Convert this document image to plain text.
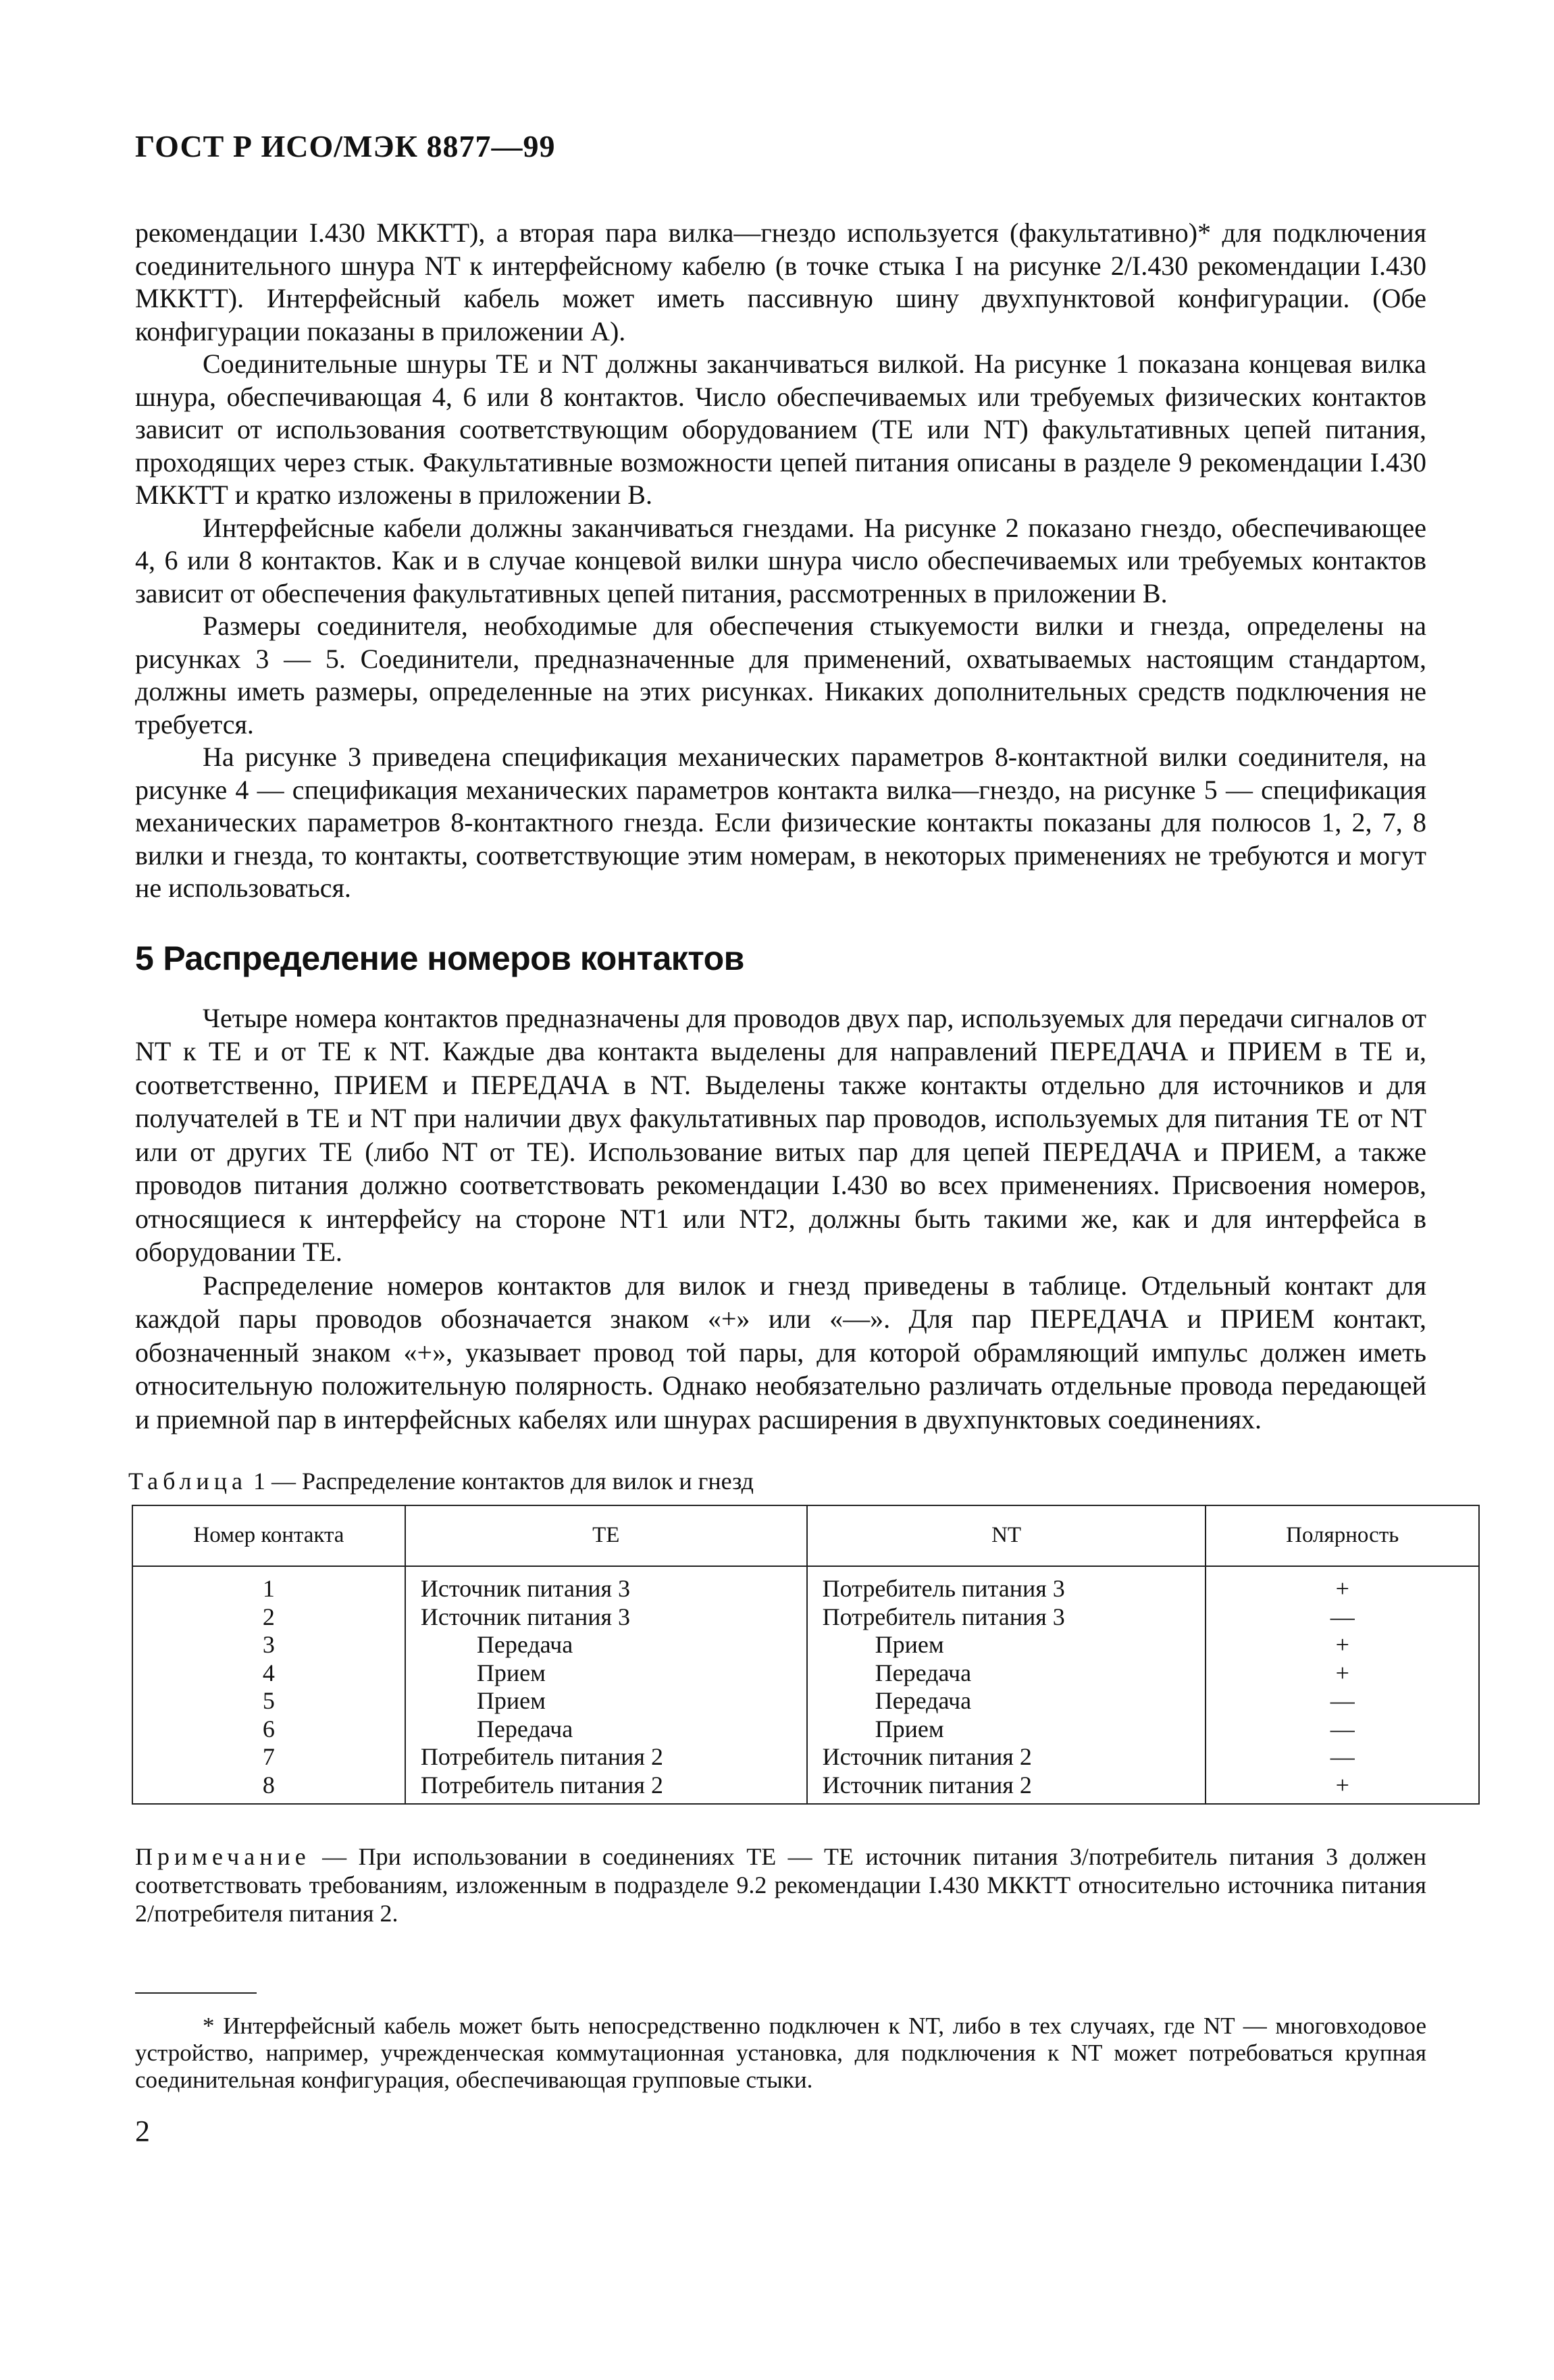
ГОСТ Р ИСО/МЭК 8877—99

рекомендации I.430 МККТТ), а вторая пара вилка—гнездо используется (факультативно)* для подключения соединительного шнура NT к интерфейсному кабелю (в точке стыка I на рисунке 2/I.430 рекомендации I.430 МККТТ). Интерфейсный кабель может иметь пассивную шину двухпунктовой конфигурации. (Обе конфигурации показаны в приложении А).

Соединительные шнуры ТЕ и NT должны заканчиваться вилкой. На рисунке 1 показана концевая вилка шнура, обеспечивающая 4, 6 или 8 контактов. Число обеспечиваемых или требуемых физических контактов зависит от использования соответствующим оборудованием (ТЕ или NT) факультативных цепей питания, проходящих через стык. Факультативные возможности цепей питания описаны в разделе 9 рекомендации I.430 МККТТ и кратко изложены в приложении В.

Интерфейсные кабели должны заканчиваться гнездами. На рисунке 2 показано гнездо, обеспечивающее 4, 6 или 8 контактов. Как и в случае концевой вилки шнура число обеспечиваемых или требуемых контактов зависит от обеспечения факультативных цепей питания, рассмотренных в приложении В.

Размеры соединителя, необходимые для обеспечения стыкуемости вилки и гнезда, определены на рисунках 3 — 5. Соединители, предназначенные для применений, охватываемых настоящим стандартом, должны иметь размеры, определенные на этих рисунках. Никаких дополнительных средств подключения не требуется.

На рисунке 3 приведена спецификация механических параметров 8-контактной вилки соединителя, на рисунке 4 — спецификация механических параметров контакта вилка—гнездо, на рисунке 5 — спецификация механических параметров 8-контактного гнезда. Если физические контакты показаны для полюсов 1, 2, 7, 8 вилки и гнезда, то контакты, соответствующие этим номерам, в некоторых применениях не требуются и могут не использоваться.

5 Распределение номеров контактов

Четыре номера контактов предназначены для проводов двух пар, используемых для передачи сигналов от NT к ТЕ и от ТЕ к NT. Каждые два контакта выделены для направлений ПЕРЕДАЧА и ПРИЕМ в ТЕ и, соответственно, ПРИЕМ и ПЕРЕДАЧА в NT. Выделены также контакты отдельно для источников и для получателей в ТЕ и NT при наличии двух факультативных пар проводов, используемых для питания ТЕ от NT или от других ТЕ (либо NT от ТЕ). Использование витых пар для цепей ПЕРЕДАЧА и ПРИЕМ, а также проводов питания должно соответствовать рекомендации I.430 во всех применениях. Присвоения номеров, относящиеся к интерфейсу на стороне NT1 или NT2, должны быть такими же, как и для интерфейса в оборудовании ТЕ.

Распределение номеров контактов для вилок и гнезд приведены в таблице. Отдельный контакт для каждой пары проводов обозначается знаком «+» или «—». Для пар ПЕРЕДАЧА и ПРИЕМ контакт, обозначенный знаком «+», указывает провод той пары, для которой обрамляющий импульс должен иметь относительную положительную полярность. Однако необязательно различать отдельные провода передающей и приемной пар в интерфейсных кабелях или шнурах расширения в двухпунктовых соединениях.

Таблица 1 — Распределение контактов для вилок и гнезд
Номер контакта	ТЕ	NT	Полярность
1	Источник питания 3	Потребитель питания 3	+
2	Источник питания 3	Потребитель питания 3	—
3	Передача	Прием	+
4	Прием	Передача	+
5	Прием	Передача	—
6	Передача	Прием	—
7	Потребитель питания 2	Источник питания 2	—
8	Потребитель питания 2	Источник питания 2	+

Примечание — При использовании в соединениях ТЕ — ТЕ источник питания 3/потребитель питания 3 должен соответствовать требованиям, изложенным в подразделе 9.2 рекомендации I.430 МККТТ относительно источника питания 2/потребителя питания 2.

* Интерфейсный кабель может быть непосредственно подключен к NT, либо в тех случаях, где NT — многовходовое устройство, например, учрежденческая коммутационная установка, для подключения к NT может потребоваться крупная соединительная конфигурация, обеспечивающая групповые стыки.

2
